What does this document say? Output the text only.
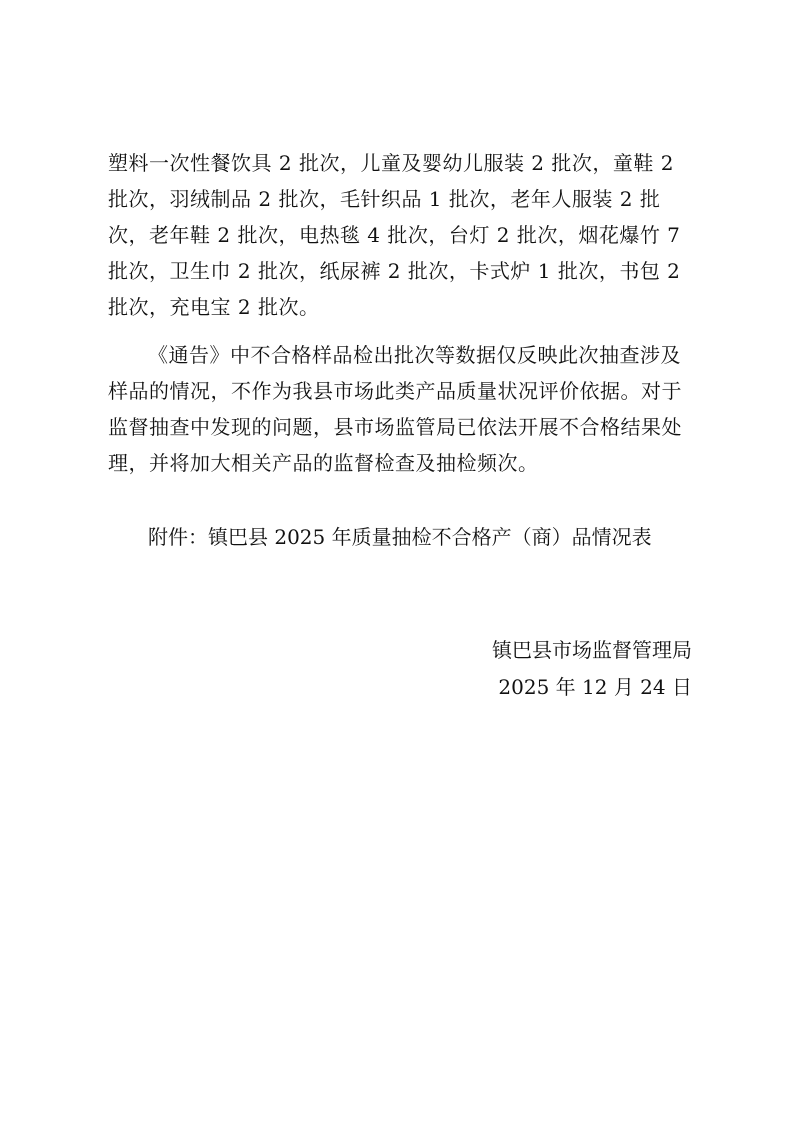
塑料一次性餐饮具 2 批次，儿童及婴幼儿服装 2 批次，童鞋 2 批次，羽绒制品 2 批次，毛针织品 1 批次，老年人服装 2 批次，老年鞋 2 批次，电热毯 4 批次，台灯 2 批次，烟花爆竹 7 批次，卫生巾 2 批次，纸尿裤 2 批次，卡式炉 1 批次，书包 2 批次，充电宝 2 批次。

《通告》中不合格样品检出批次等数据仅反映此次抽查涉及样品的情况，不作为我县市场此类产品质量状况评价依据。对于监督抽查中发现的问题，县市场监管局已依法开展不合格结果处理，并将加大相关产品的监督检查及抽检频次。

附件：镇巴县 2025 年质量抽检不合格产（商）品情况表
镇巴县市场监督管理局
2025 年 12 月 24 日
